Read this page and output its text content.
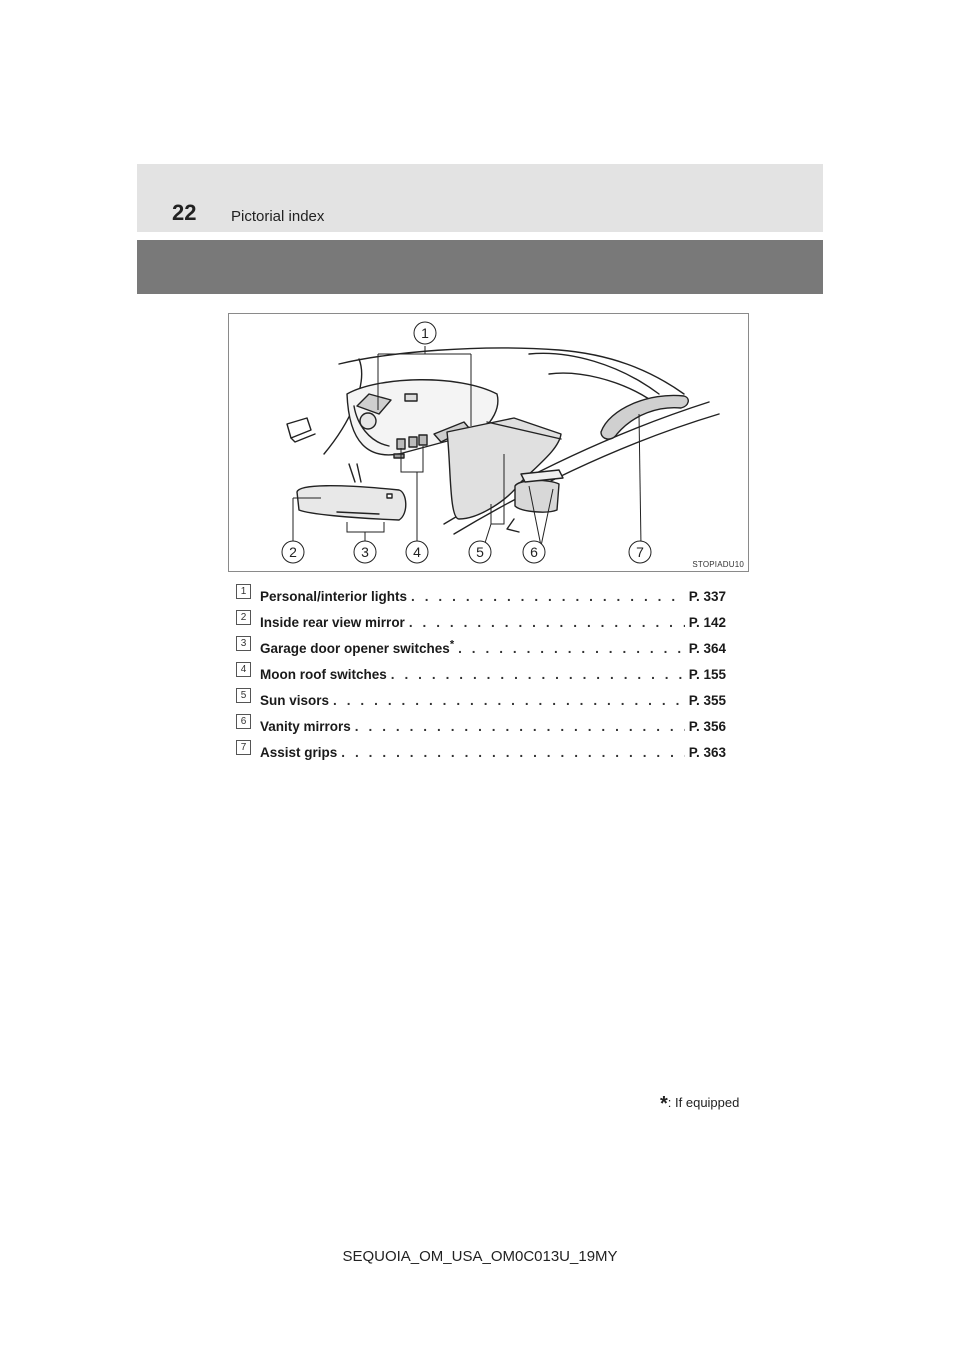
22 Pictorial index
1
2	3	4	5	6	7
STOPIADU10
1	Personal/interior lights . . .	P. 337
2	Inside rear view mirror . . .	P. 142
3	Garage door opener switches* . . .	P. 364
4	Moon roof switches . . .	P. 155
5	Sun visors . . .	P. 355
6	Vanity mirrors . . .	P. 356
7	Assist grips . . .	P. 363
*: If equipped
SEQUOIA_OM_USA_OM0C013U_19MY
